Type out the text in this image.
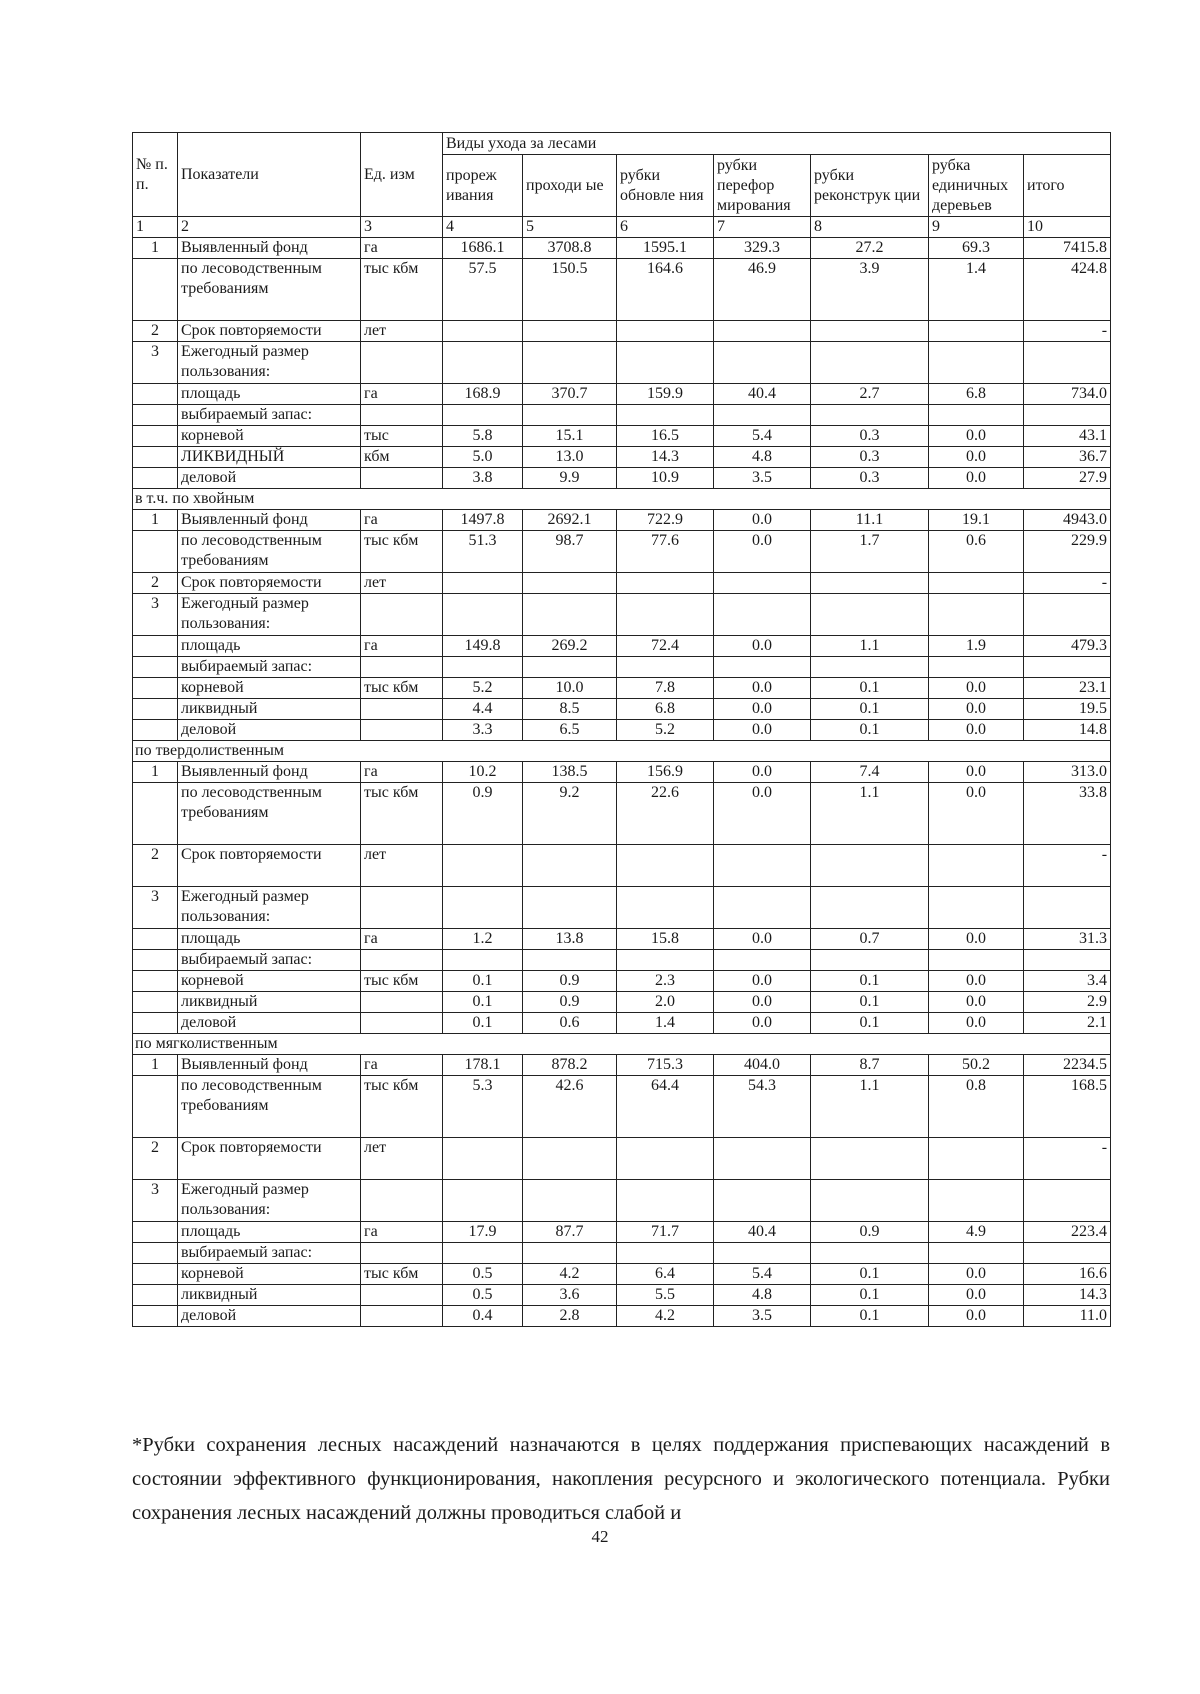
№ п. п.	Показатели	Ед. изм	Виды ухода за лесами						
			прореж ивания	проходи ые	рубки обновле ния	рубки перефор мирования	рубки реконструк ции	рубка единичных деревьев	итого
1	2	3	4	5	6	7	8	9	10
1	Выявленный фонд	га	1686.1	3708.8	1595.1	329.3	27.2	69.3	7415.8
	по лесоводственным требованиям	тыс кбм	57.5	150.5	164.6	46.9	3.9	1.4	424.8
2	Срок повторяемости	лет							-
3	Ежегодный размер пользования:								
	площадь	га	168.9	370.7	159.9	40.4	2.7	6.8	734.0
	выбираемый запас:								
	корневой	тыс	5.8	15.1	16.5	5.4	0.3	0.0	43.1
	ЛИКВИДНЫЙ	кбм	5.0	13.0	14.3	4.8	0.3	0.0	36.7
	деловой		3.8	9.9	10.9	3.5	0.3	0.0	27.9
в т.ч. по хвойным									
1	Выявленный фонд	га	1497.8	2692.1	722.9	0.0	11.1	19.1	4943.0
	по лесоводственным требованиям	тыс кбм	51.3	98.7	77.6	0.0	1.7	0.6	229.9
2	Срок повторяемости	лет							-
3	Ежегодный размер пользования:								
	площадь	га	149.8	269.2	72.4	0.0	1.1	1.9	479.3
	выбираемый запас:								
	корневой	тыс кбм	5.2	10.0	7.8	0.0	0.1	0.0	23.1
	ликвидный		4.4	8.5	6.8	0.0	0.1	0.0	19.5
	деловой		3.3	6.5	5.2	0.0	0.1	0.0	14.8
по твердолиственным									
1	Выявленный фонд	га	10.2	138.5	156.9	0.0	7.4	0.0	313.0
	по лесоводственным требованиям	тыс кбм	0.9	9.2	22.6	0.0	1.1	0.0	33.8
2	Срок повторяемости	лет							-
3	Ежегодный размер пользования:								
	площадь	га	1.2	13.8	15.8	0.0	0.7	0.0	31.3
	выбираемый запас:								
	корневой	тыс кбм	0.1	0.9	2.3	0.0	0.1	0.0	3.4
	ликвидный		0.1	0.9	2.0	0.0	0.1	0.0	2.9
	деловой		0.1	0.6	1.4	0.0	0.1	0.0	2.1
по мягколиственным									
1	Выявленный фонд	га	178.1	878.2	715.3	404.0	8.7	50.2	2234.5
	по лесоводственным требованиям	тыс кбм	5.3	42.6	64.4	54.3	1.1	0.8	168.5
2	Срок повторяемости	лет							-
3	Ежегодный размер пользования:								
	площадь	га	17.9	87.7	71.7	40.4	0.9	4.9	223.4
	выбираемый запас:								
	корневой	тыс кбм	0.5	4.2	6.4	5.4	0.1	0.0	16.6
	ликвидный		0.5	3.6	5.5	4.8	0.1	0.0	14.3
	деловой		0.4	2.8	4.2	3.5	0.1	0.0	11.0

*Рубки сохранения лесных насаждений назначаются в целях поддержания приспевающих насаждений в состоянии эффективного функционирования, накопления ресурсного и экологического потенциала. Рубки сохранения лесных насаждений должны проводиться слабой и

42
